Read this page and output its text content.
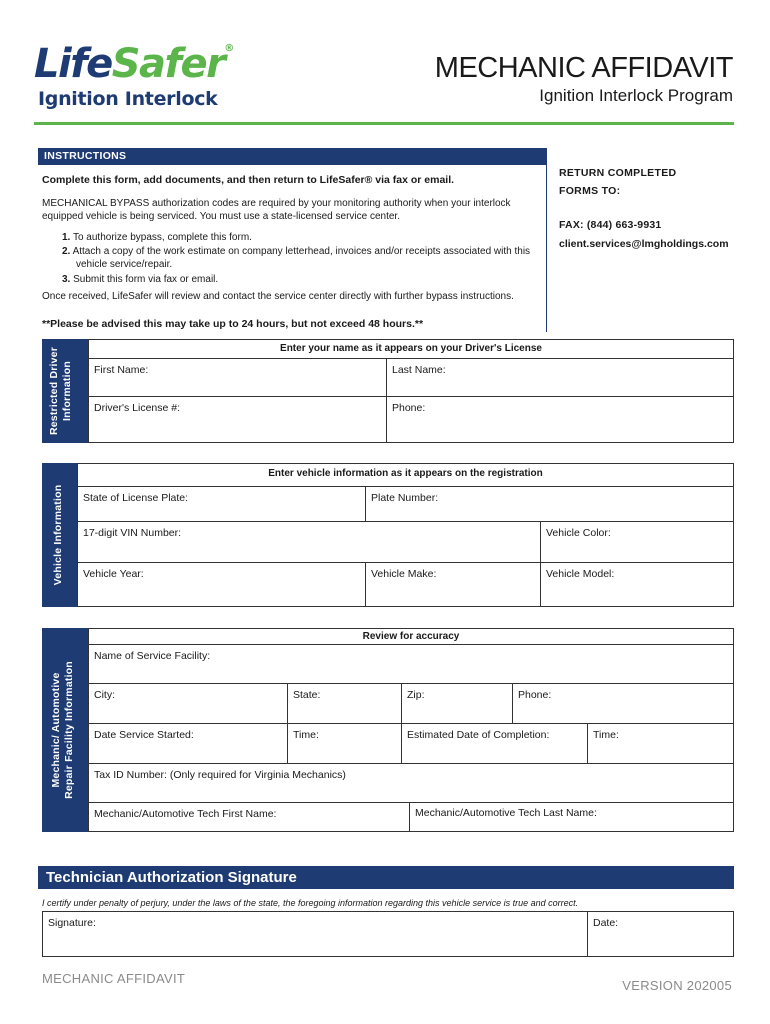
LifeSafer®
Ignition Interlock
MECHANIC AFFIDAVIT
Ignition Interlock Program
INSTRUCTIONS
Complete this form, add documents, and then return to LifeSafer® via fax or email.
MECHANICAL BYPASS authorization codes are required by your monitoring authority when your interlock equipped vehicle is being serviced. You must use a state-licensed service center.
1. To authorize bypass, complete this form.
2. Attach a copy of the work estimate on company letterhead, invoices and/or receipts associated with this vehicle service/repair.
3. Submit this form via fax or email.
Once received, LifeSafer will review and contact the service center directly with further bypass instructions.
**Please be advised this may take up to 24 hours, but not exceed 48 hours.**
RETURN COMPLETED FORMS TO:
FAX: (844) 663-9931
client.services@lmgholdings.com
Restricted Driver Information
Enter your name as it appears on your Driver's License
First Name:	Last Name:
Driver's License #:	Phone:
Vehicle Information
Enter vehicle information as it appears on the registration
State of License Plate:	Plate Number:
17-digit VIN Number:	Vehicle Color:
Vehicle Year:	Vehicle Make:	Vehicle Model:
Mechanic/ Automotive
Repair Facility Information
Review for accuracy
Name of Service Facility:
City:	State:	Zip:	Phone:
Date Service Started:	Time:	Estimated Date of Completion:	Time:
Tax ID Number: (Only required for Virginia Mechanics)
Mechanic/Automotive Tech First Name:	Mechanic/Automotive Tech Last Name:
Technician Authorization Signature
I certify under penalty of perjury, under the laws of the state, the foregoing information regarding this vehicle service is true and correct.
Signature:	Date:
MECHANIC AFFIDAVIT	VERSION 202005
